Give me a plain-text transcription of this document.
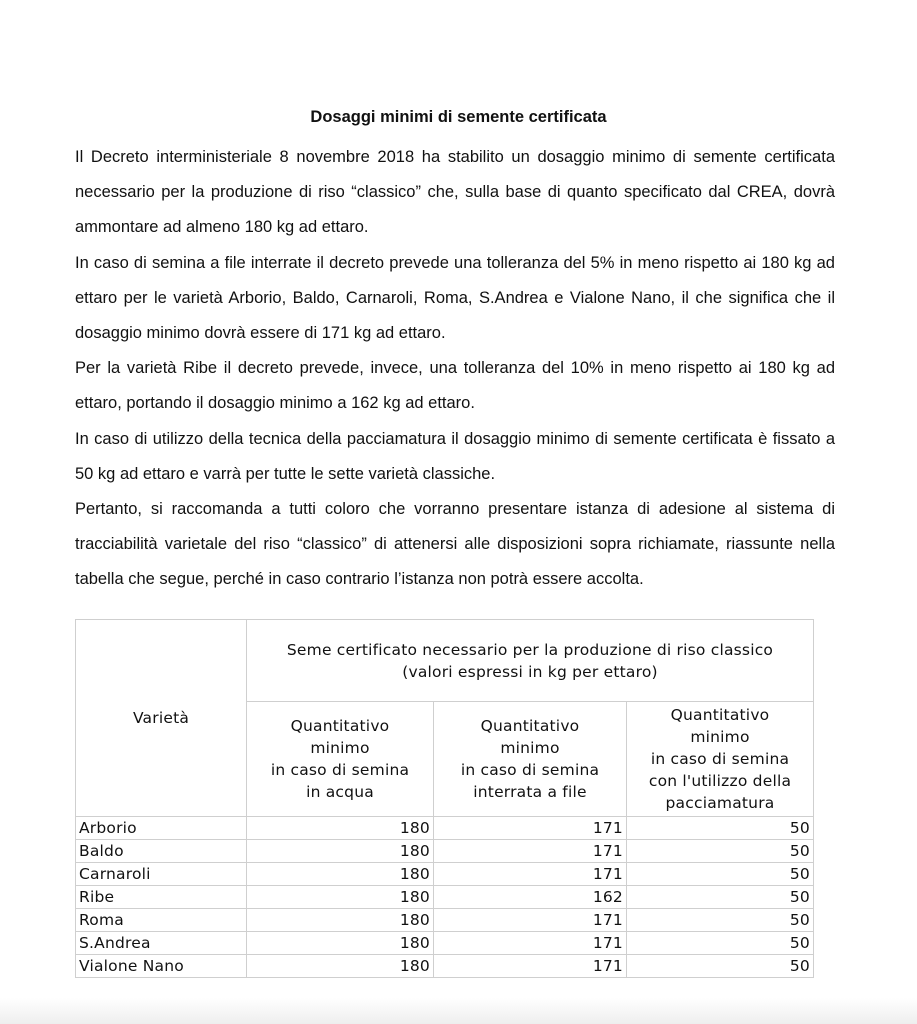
Dosaggi minimi di semente certificata

Il Decreto interministeriale 8 novembre 2018 ha stabilito un dosaggio minimo di semente certificata necessario per la produzione di riso “classico” che, sulla base di quanto specificato dal CREA, dovrà ammontare ad almeno 180 kg ad ettaro.

In caso di semina a file interrate il decreto prevede una tolleranza del 5% in meno rispetto ai 180 kg ad ettaro per le varietà Arborio, Baldo, Carnaroli, Roma, S.Andrea e Vialone Nano, il che significa che il dosaggio minimo dovrà essere di 171 kg ad ettaro.

Per la varietà Ribe il decreto prevede, invece, una tolleranza del 10% in meno rispetto ai 180 kg ad ettaro, portando il dosaggio minimo a 162 kg ad ettaro.

In caso di utilizzo della tecnica della pacciamatura il dosaggio minimo di semente certificata è fissato a 50 kg ad ettaro e varrà per tutte le sette varietà classiche.

Pertanto, si raccomanda a tutti coloro che vorranno presentare istanza di adesione al sistema di tracciabilità varietale del riso “classico” di attenersi alle disposizioni sopra richiamate, riassunte nella tabella che segue, perché in caso contrario l’istanza non potrà essere accolta.

Varietà	Seme certificato necessario per la produzione di riso classico
(valori espressi in kg per ettaro)		

	Quantitativo
minimo
in caso di semina
in acqua	Quantitativo
minimo
in caso di semina
interrata a file	Quantitativo
minimo
in caso di semina
con l'utilizzo della
pacciamatura

Arborio	180	171	50
Baldo	180	171	50
Carnaroli	180	171	50
Ribe	180	162	50
Roma	180	171	50
S.Andrea	180	171	50
Vialone Nano	180	171	50
